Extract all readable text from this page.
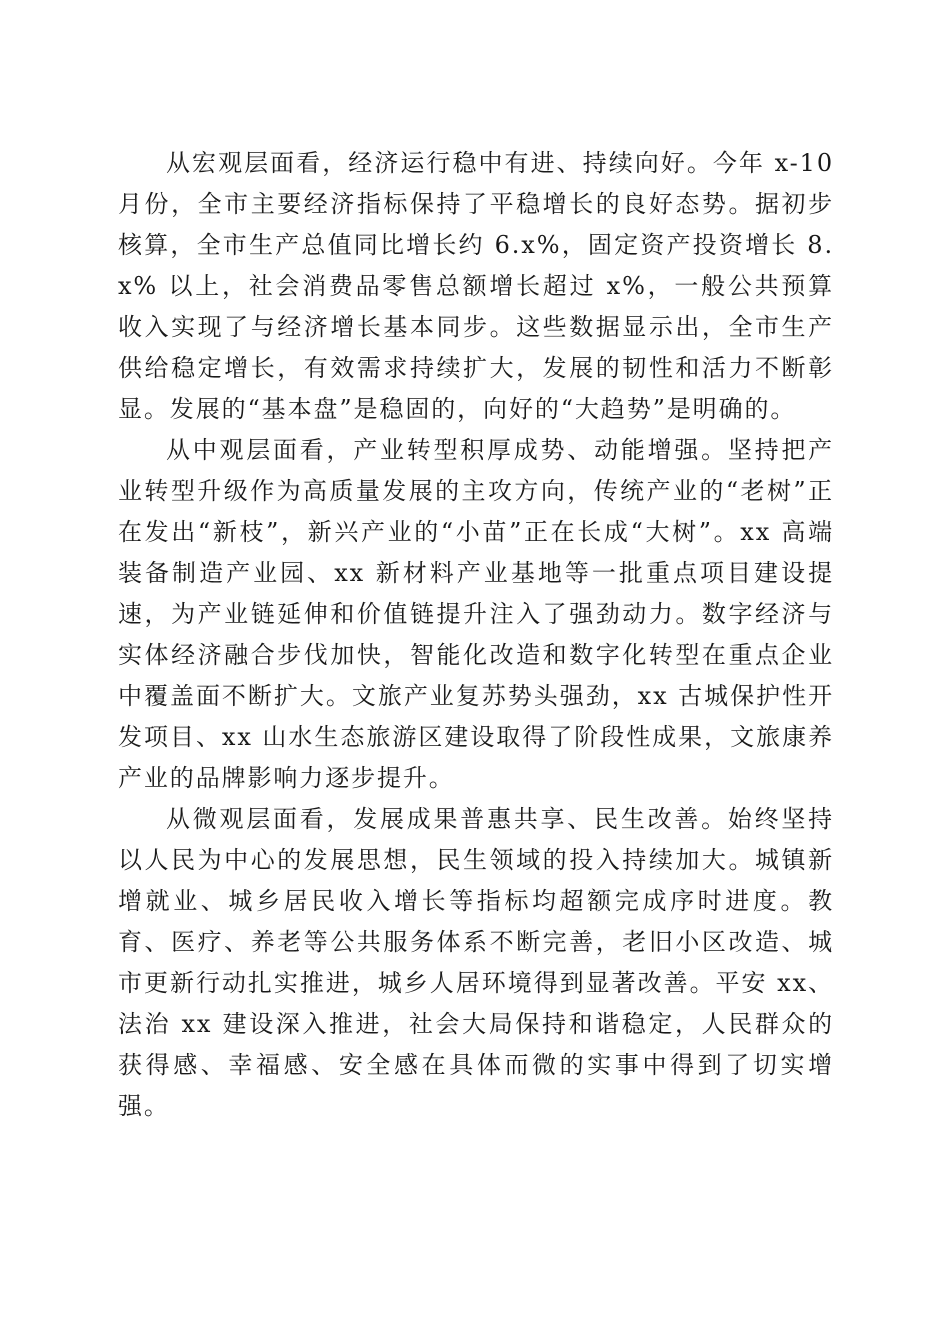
从宏观层面看，经济运行稳中有进、持续向好。今年 x-10 月份，全市主要经济指标保持了平稳增长的良好态势。据初步核算，全市生产总值同比增长约 6.x%，固定资产投资增长 8.x% 以上，社会消费品零售总额增长超过 x%，一般公共预算收入实现了与经济增长基本同步。这些数据显示出，全市生产供给稳定增长，有效需求持续扩大，发展的韧性和活力不断彰显。发展的“基本盘”是稳固的，向好的“大趋势”是明确的。

从中观层面看，产业转型积厚成势、动能增强。坚持把产业转型升级作为高质量发展的主攻方向，传统产业的“老树”正在发出“新枝”，新兴产业的“小苗”正在长成“大树”。xx 高端装备制造产业园、xx 新材料产业基地等一批重点项目建设提速，为产业链延伸和价值链提升注入了强劲动力。数字经济与实体经济融合步伐加快，智能化改造和数字化转型在重点企业中覆盖面不断扩大。文旅产业复苏势头强劲，xx 古城保护性开发项目、xx 山水生态旅游区建设取得了阶段性成果，文旅康养产业的品牌影响力逐步提升。

从微观层面看，发展成果普惠共享、民生改善。始终坚持以人民为中心的发展思想，民生领域的投入持续加大。城镇新增就业、城乡居民收入增长等指标均超额完成序时进度。教育、医疗、养老等公共服务体系不断完善，老旧小区改造、城市更新行动扎实推进，城乡人居环境得到显著改善。平安 xx、法治 xx 建设深入推进，社会大局保持和谐稳定，人民群众的获得感、幸福感、安全感在具体而微的实事中得到了切实增强。
